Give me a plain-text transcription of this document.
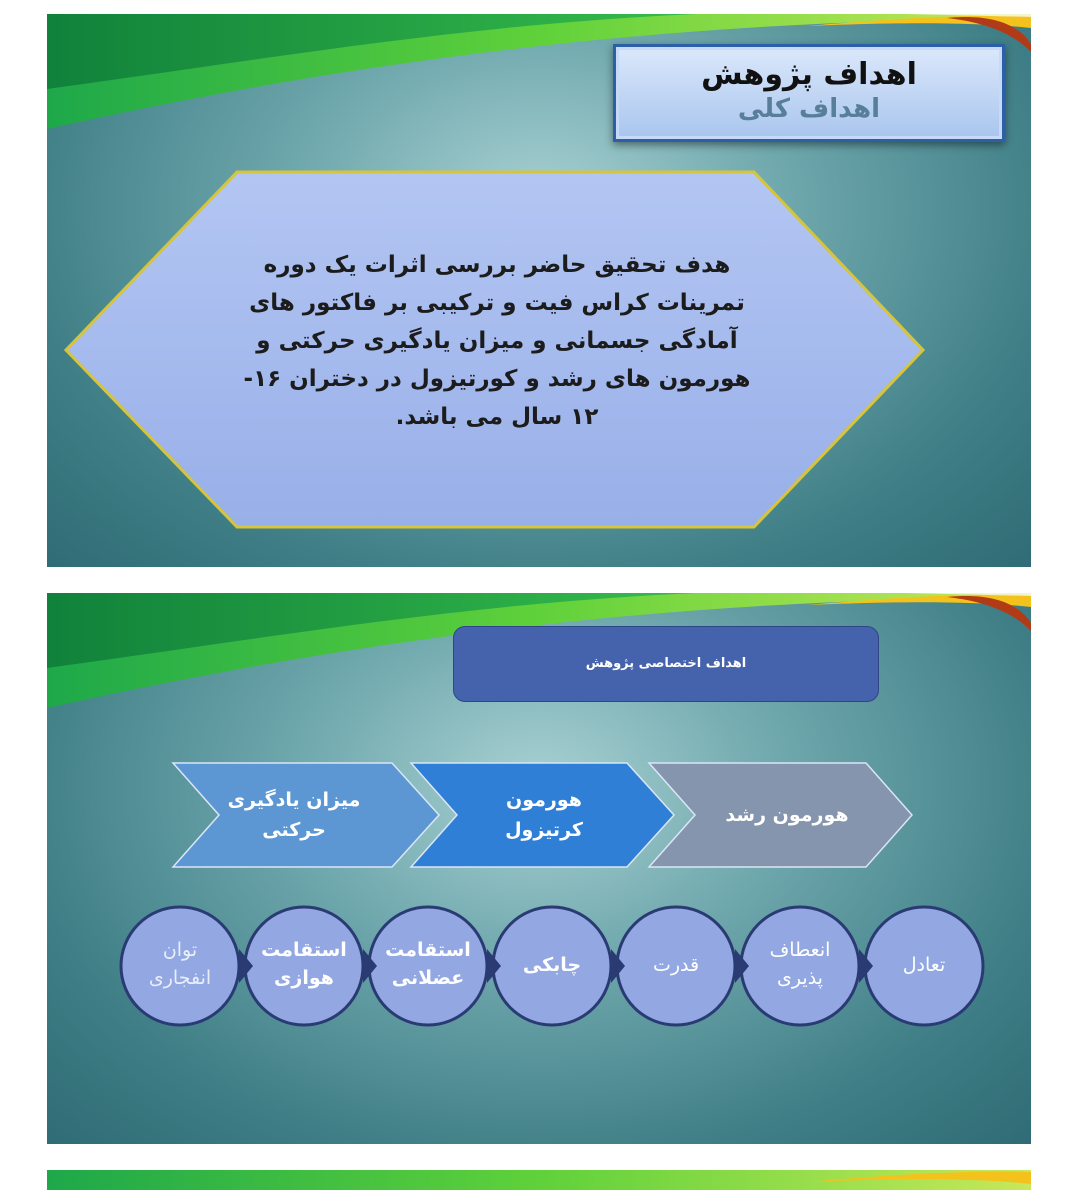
اهداف پژوهش
اهداف کلی
هدف تحقیق حاضر بررسی اثرات یک دوره
تمرینات کراس فیت و ترکیبی بر فاکتور های
آمادگی جسمانی و میزان یادگیری حرکتی و
هورمون های رشد و کورتیزول در دختران ۱۶-
۱۲ سال می باشد.
اهداف اختصاصی پژوهش
میزان یادگیری
حرکتی
هورمون
کرتیزول
هورمون رشد
توان
انفجاری
استقامت
هوازی
استقامت
عضلانی
چابکی	قدرت
انعطاف
پذیری
تعادل
